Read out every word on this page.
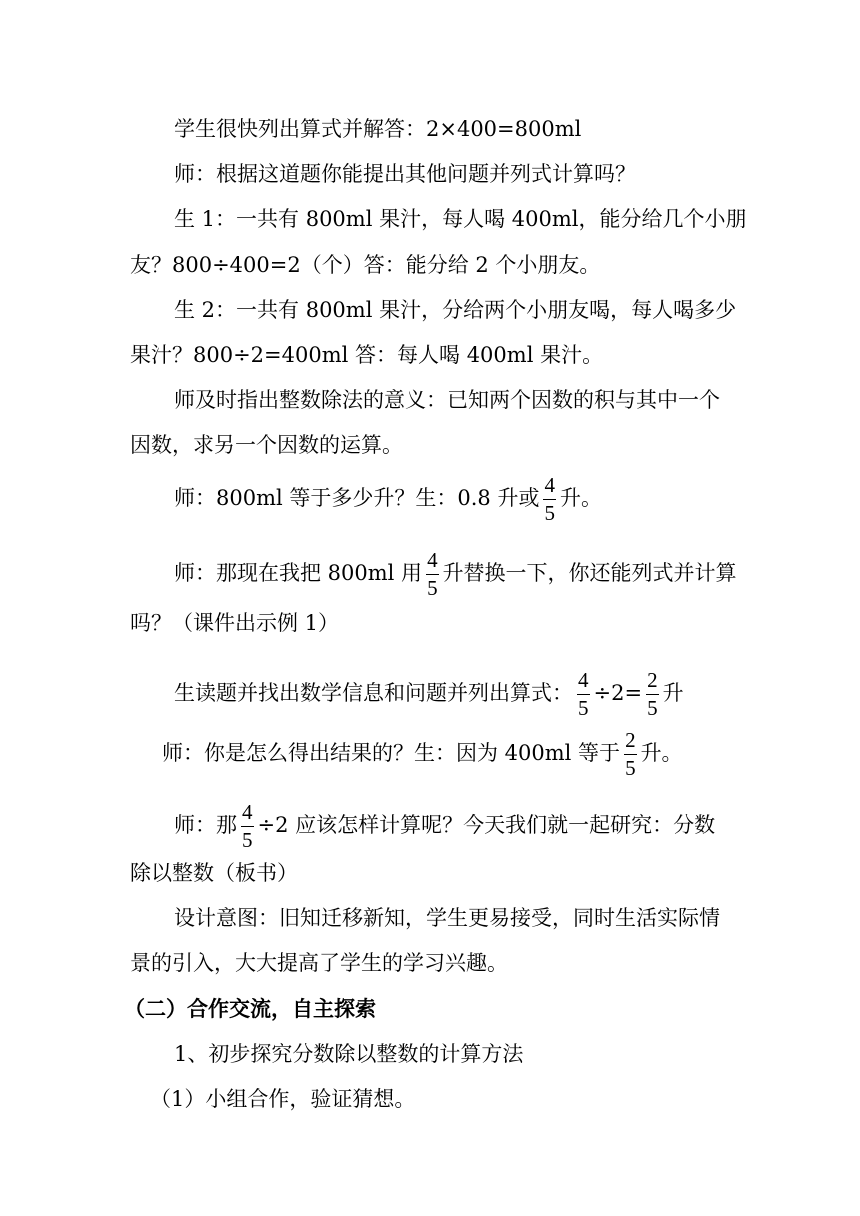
学生很快列出算式并解答：2×400=800ml
师：根据这道题你能提出其他问题并列式计算吗？
生 1：一共有 800ml 果汁，每人喝 400ml，能分给几个小朋
友？800÷400=2（个）答：能分给 2 个小朋友。
生 2：一共有 800ml 果汁，分给两个小朋友喝，每人喝多少
果汁？800÷2=400ml 答：每人喝 400ml 果汁。
师及时指出整数除法的意义：已知两个因数的积与其中一个
因数，求另一个因数的运算。
师：800ml 等于多少升？生：0.8 升或 $\frac{4}{5}$ 升。
师：那现在我把 800ml 用 $\frac{4}{5}$ 升替换一下，你还能列式并计算
吗？（课件出示例 1）
生读题并找出数学信息和问题并列出算式： $\frac{4}{5} \div 2= \frac{2}{5}$ 升
师：你是怎么得出结果的？生：因为 400ml 等于 $\frac{2}{5}$ 升。
师：那 $\frac{4}{5} \div 2$ 应该怎样计算呢？今天我们就一起研究：分数
除以整数（板书）
设计意图：旧知迁移新知，学生更易接受，同时生活实际情
景的引入，大大提高了学生的学习兴趣。
（二）合作交流，自主探索
1、初步探究分数除以整数的计算方法
（1）小组合作，验证猜想。
